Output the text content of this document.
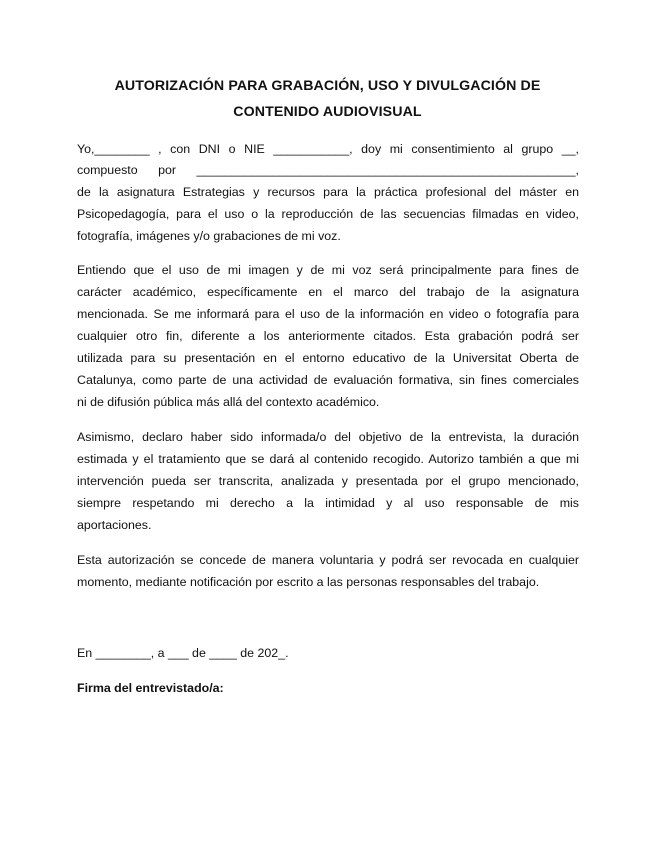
AUTORIZACIÓN PARA GRABACIÓN, USO Y DIVULGACIÓN DE
CONTENIDO AUDIOVISUAL
Yo,________ , con DNI o NIE ___________, doy mi consentimiento al grupo __,
compuesto por _______________________________________________________,
de la asignatura Estrategias y recursos para la práctica profesional del máster en
Psicopedagogía, para el uso o la reproducción de las secuencias filmadas en video,
fotografía, imágenes y/o grabaciones de mi voz.
Entiendo que el uso de mi imagen y de mi voz será principalmente para fines de
carácter académico, específicamente en el marco del trabajo de la asignatura
mencionada. Se me informará para el uso de la información en video o fotografía para
cualquier otro fin, diferente a los anteriormente citados. Esta grabación podrá ser
utilizada para su presentación en el entorno educativo de la Universitat Oberta de
Catalunya, como parte de una actividad de evaluación formativa, sin fines comerciales
ni de difusión pública más allá del contexto académico.
Asimismo, declaro haber sido informada/o del objetivo de la entrevista, la duración
estimada y el tratamiento que se dará al contenido recogido. Autorizo también a que mi
intervención pueda ser transcrita, analizada y presentada por el grupo mencionado,
siempre respetando mi derecho a la intimidad y al uso responsable de mis
aportaciones.
Esta autorización se concede de manera voluntaria y podrá ser revocada en cualquier
momento, mediante notificación por escrito a las personas responsables del trabajo.
En ________, a ___ de ____ de 202_.
Firma del entrevistado/a:
